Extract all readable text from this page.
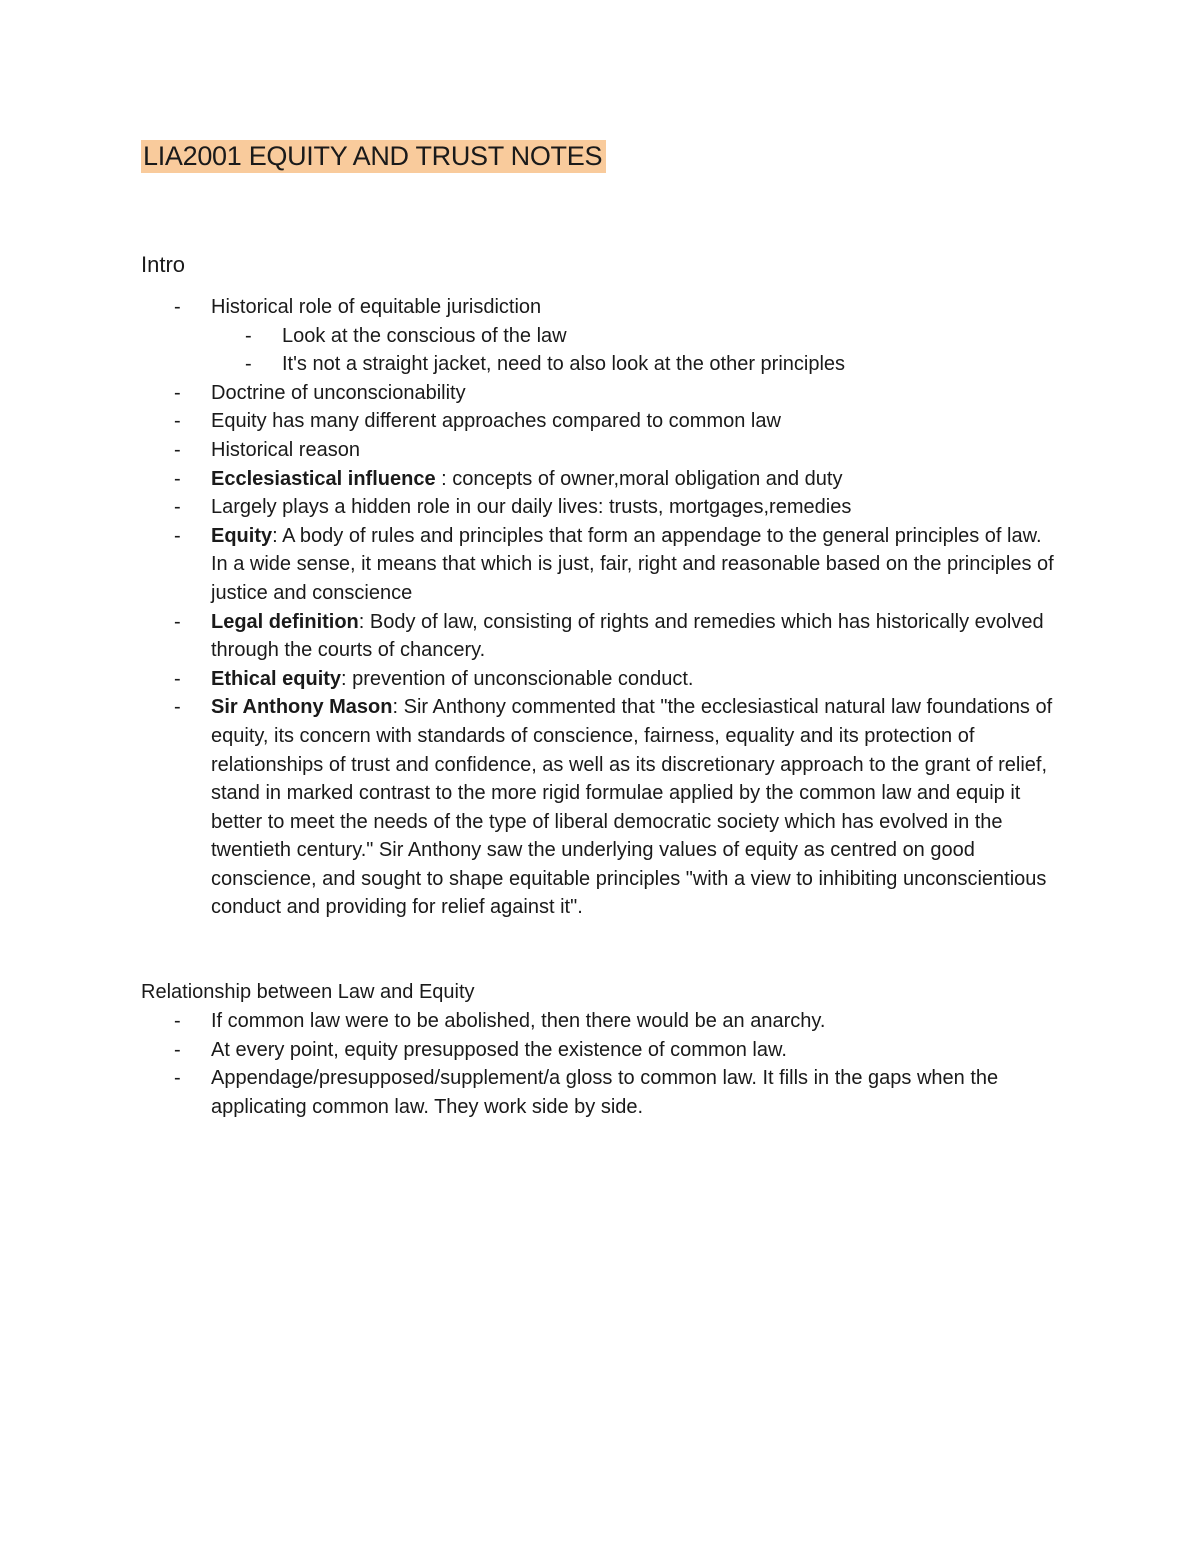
LIA2001 EQUITY AND TRUST NOTES
Intro
- Historical role of equitable jurisdiction
- Look at the conscious of the law
- It's not a straight jacket, need to also look at the other principles
- Doctrine of unconscionability
- Equity has many different approaches compared to common law
- Historical reason
- Ecclesiastical influence : concepts of owner,moral obligation and duty
- Largely plays a hidden role in our daily lives: trusts, mortgages,remedies
- Equity: A body of rules and principles that form an appendage to the general principles of law. In a wide sense, it means that which is just, fair, right and reasonable based on the principles of justice and conscience
- Legal definition: Body of law, consisting of rights and remedies which has historically evolved through the courts of chancery.
- Ethical equity: prevention of unconscionable conduct.
- Sir Anthony Mason: Sir Anthony commented that "the ecclesiastical natural law foundations of equity, its concern with standards of conscience, fairness, equality and its protection of relationships of trust and confidence, as well as its discretionary approach to the grant of relief, stand in marked contrast to the more rigid formulae applied by the common law and equip it better to meet the needs of the type of liberal democratic society which has evolved in the twentieth century." Sir Anthony saw the underlying values of equity as centred on good conscience, and sought to shape equitable principles "with a view to inhibiting unconscientious conduct and providing for relief against it".
Relationship between Law and Equity
- If common law were to be abolished, then there would be an anarchy.
- At every point, equity presupposed the existence of common law.
- Appendage/presupposed/supplement/a gloss to common law. It fills in the gaps when the applicating common law. They work side by side.
